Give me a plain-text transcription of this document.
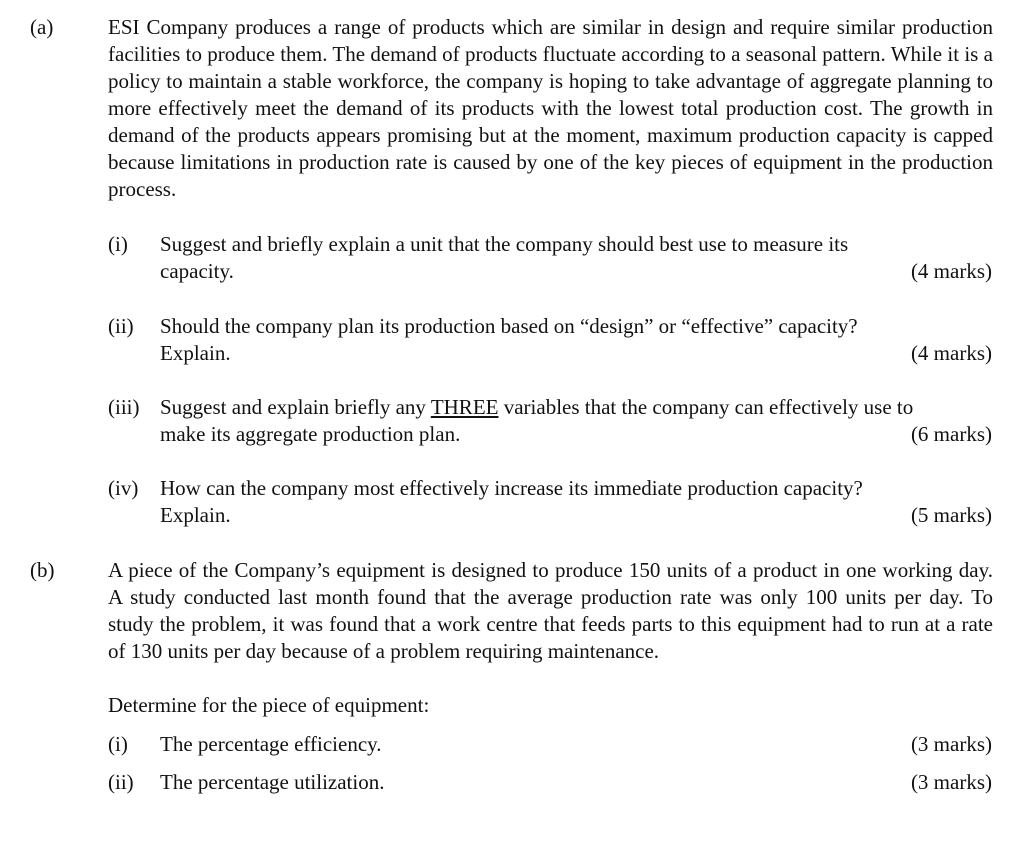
(a)	ESI Company produces a range of products which are similar in design and require similar production facilities to produce them. The demand of products fluctuate according to a seasonal pattern. While it is a policy to maintain a stable workforce, the company is hoping to take advantage of aggregate planning to more effectively meet the demand of its products with the lowest total production cost. The growth in demand of the products appears promising but at the moment, maximum production capacity is capped because limitations in production rate is caused by one of the key pieces of equipment in the production process.
(i) Suggest and briefly explain a unit that the company should best use to measure its
capacity.	(4 marks)
(ii) Should the company plan its production based on “design” or “effective” capacity?
Explain.	(4 marks)
(iii) Suggest and explain briefly any THREE variables that the company can effectively use to
make its aggregate production plan.	(6 marks)
(iv) How can the company most effectively increase its immediate production capacity?
Explain.	(5 marks)
(b)	A piece of the Company’s equipment is designed to produce 150 units of a product in one working day. A study conducted last month found that the average production rate was only 100 units per day. To study the problem, it was found that a work centre that feeds parts to this equipment had to run at a rate of 130 units per day because of a problem requiring maintenance.
Determine for the piece of equipment:
(i) The percentage efficiency.	(3 marks)
(ii) The percentage utilization.	(3 marks)
